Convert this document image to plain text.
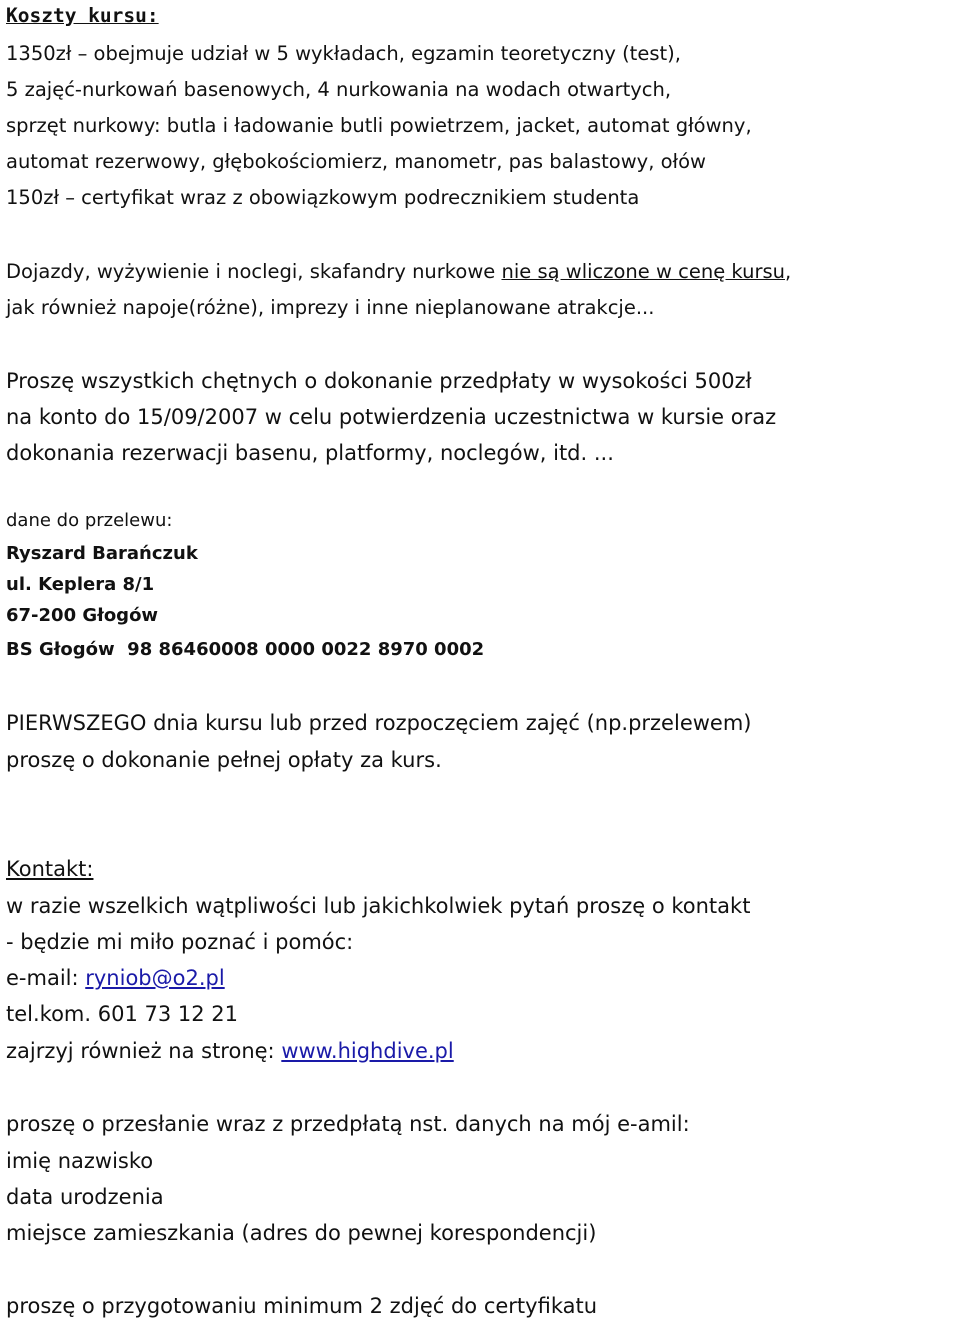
Koszty kursu:
1350zł – obejmuje udział w 5 wykładach, egzamin teoretyczny (test),
5 zajęć-nurkowań basenowych, 4 nurkowania na wodach otwartych,
sprzęt nurkowy: butla i ładowanie butli powietrzem, jacket, automat główny,
automat rezerwowy, głębokościomierz, manometr, pas balastowy, ołów
150zł – certyfikat wraz z obowiązkowym podrecznikiem studenta
Dojazdy, wyżywienie i noclegi, skafandry nurkowe nie są wliczone w cenę kursu,
jak również napoje(różne), imprezy i inne nieplanowane atrakcje...
Proszę wszystkich chętnych o dokonanie przedpłaty w wysokości 500zł
na konto do 15/09/2007 w celu potwierdzenia uczestnictwa w kursie oraz
dokonania rezerwacji basenu, platformy, noclegów, itd. ...
dane do przelewu:
Ryszard Barańczuk
ul. Keplera 8/1
67-200 Głogów
BS Głogów  98 86460008 0000 0022 8970 0002
PIERWSZEGO dnia kursu lub przed rozpoczęciem zajęć (np.przelewem)
proszę o dokonanie pełnej opłaty za kurs.
Kontakt:
w razie wszelkich wątpliwości lub jakichkolwiek pytań proszę o kontakt
- będzie mi miło poznać i pomóc:
e-mail: ryniob@o2.pl
tel.kom. 601 73 12 21
zajrzyj również na stronę: www.highdive.pl
proszę o przesłanie wraz z przedpłatą nst. danych na mój e-amil:
imię nazwisko
data urodzenia
miejsce zamieszkania (adres do pewnej korespondencji)
proszę o przygotowaniu minimum 2 zdjęć do certyfikatu
